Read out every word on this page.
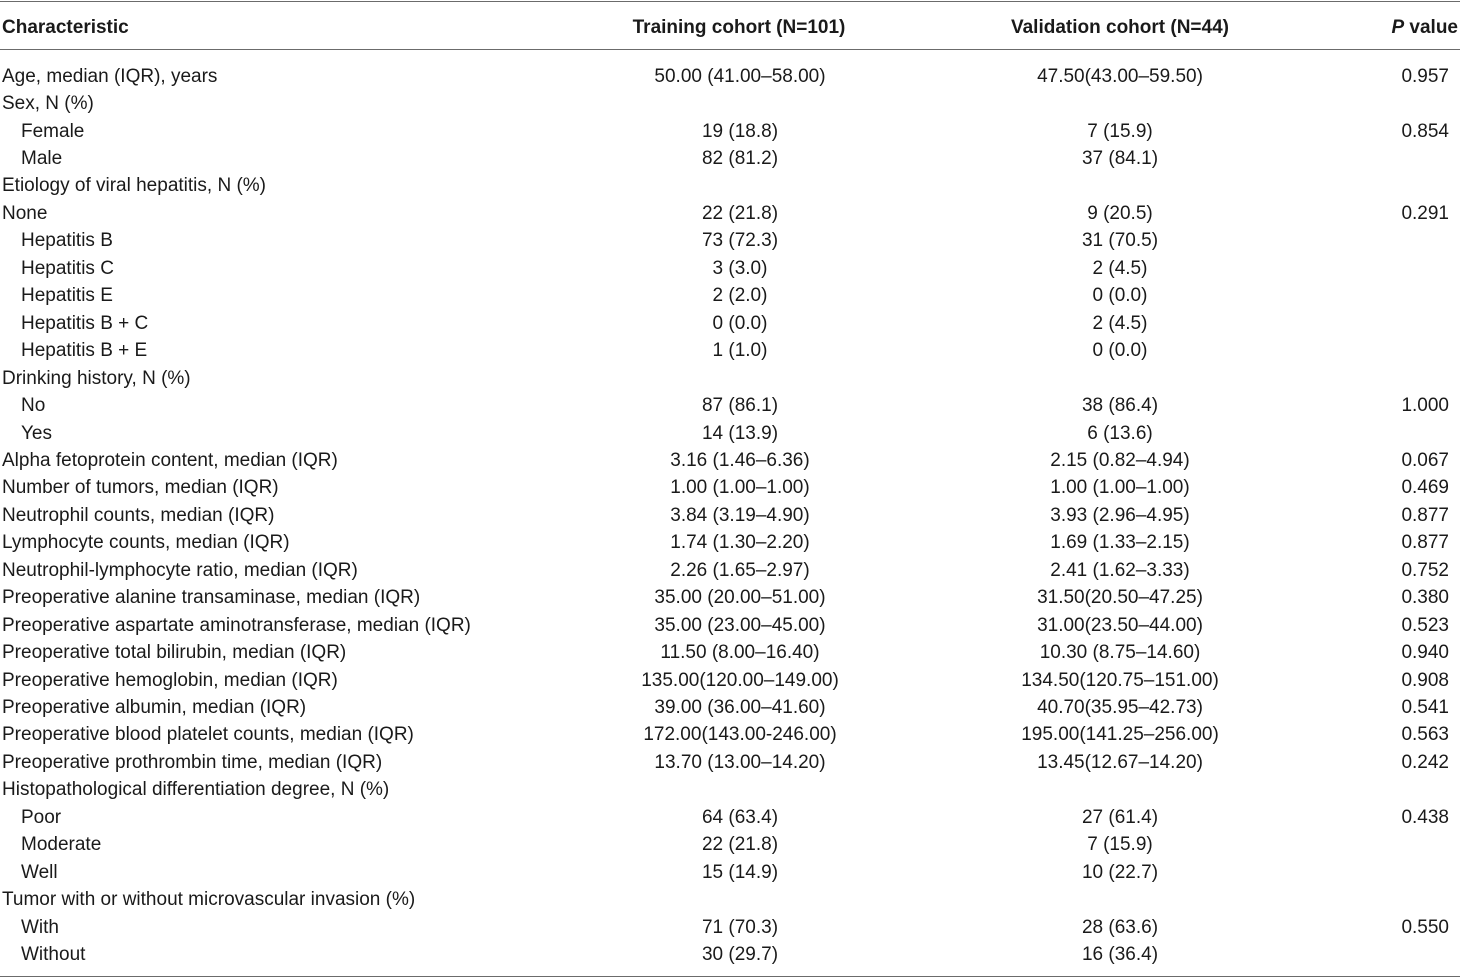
Characteristic	Training cohort (N=101)	Validation cohort (N=44)	P value
Age, median (IQR), years	50.00 (41.00–58.00)	47.50(43.00–59.50)	0.957
Sex, N (%)
Female	19 (18.8)	7 (15.9)	0.854
Male	82 (81.2)	37 (84.1)
Etiology of viral hepatitis, N (%)
None	22 (21.8)	9 (20.5)	0.291
Hepatitis B	73 (72.3)	31 (70.5)
Hepatitis C	3 (3.0)	2 (4.5)
Hepatitis E	2 (2.0)	0 (0.0)
Hepatitis B + C	0 (0.0)	2 (4.5)
Hepatitis B + E	1 (1.0)	0 (0.0)
Drinking history, N (%)
No	87 (86.1)	38 (86.4)	1.000
Yes	14 (13.9)	6 (13.6)
Alpha fetoprotein content, median (IQR)	3.16 (1.46–6.36)	2.15 (0.82–4.94)	0.067
Number of tumors, median (IQR)	1.00 (1.00–1.00)	1.00 (1.00–1.00)	0.469
Neutrophil counts, median (IQR)	3.84 (3.19–4.90)	3.93 (2.96–4.95)	0.877
Lymphocyte counts, median (IQR)	1.74 (1.30–2.20)	1.69 (1.33–2.15)	0.877
Neutrophil-lymphocyte ratio, median (IQR)	2.26 (1.65–2.97)	2.41 (1.62–3.33)	0.752
Preoperative alanine transaminase, median (IQR)	35.00 (20.00–51.00)	31.50(20.50–47.25)	0.380
Preoperative aspartate aminotransferase, median (IQR)	35.00 (23.00–45.00)	31.00(23.50–44.00)	0.523
Preoperative total bilirubin, median (IQR)	11.50 (8.00–16.40)	10.30 (8.75–14.60)	0.940
Preoperative hemoglobin, median (IQR)	135.00(120.00–149.00)	134.50(120.75–151.00)	0.908
Preoperative albumin, median (IQR)	39.00 (36.00–41.60)	40.70(35.95–42.73)	0.541
Preoperative blood platelet counts, median (IQR)	172.00(143.00-246.00)	195.00(141.25–256.00)	0.563
Preoperative prothrombin time, median (IQR)	13.70 (13.00–14.20)	13.45(12.67–14.20)	0.242
Histopathological differentiation degree, N (%)
Poor	64 (63.4)	27 (61.4)	0.438
Moderate	22 (21.8)	7 (15.9)
Well	15 (14.9)	10 (22.7)
Tumor with or without microvascular invasion (%)
With	71 (70.3)	28 (63.6)	0.550
Without	30 (29.7)	16 (36.4)
